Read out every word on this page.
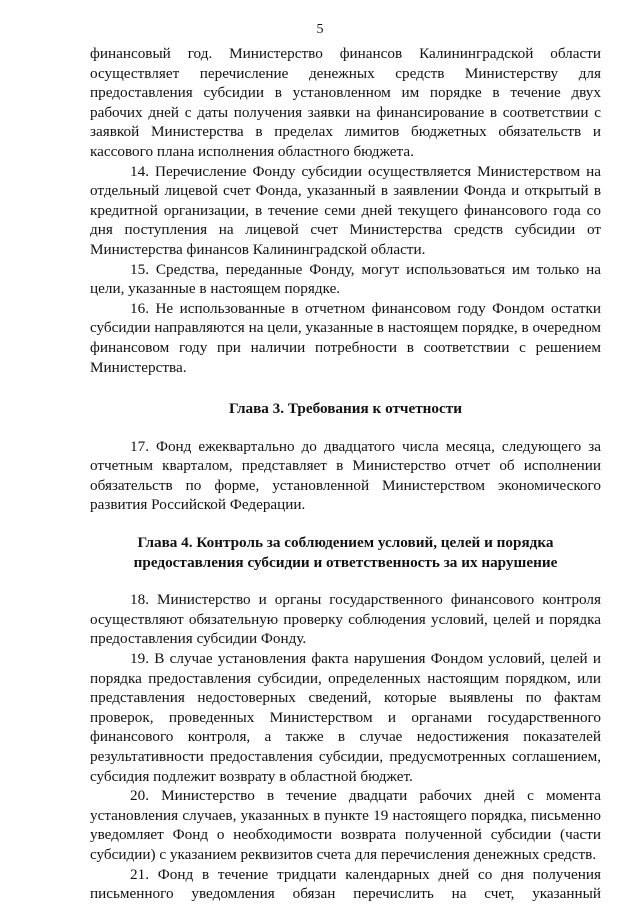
5

финансовый год. Министерство финансов Калининградской области осуществляет перечисление денежных средств Министерству для предоставления субсидии в установленном им порядке в течение двух рабочих дней с даты получения заявки на финансирование в соответствии с заявкой Министерства в пределах лимитов бюджетных обязательств и кассового плана исполнения областного бюджета.

14. Перечисление Фонду субсидии осуществляется Министерством на отдельный лицевой счет Фонда, указанный в заявлении Фонда и открытый в кредитной организации, в течение семи дней текущего финансового года со дня поступления на лицевой счет Министерства средств субсидии от Министерства финансов Калининградской области.

15. Средства, переданные Фонду, могут использоваться им только на цели, указанные в настоящем порядке.

16. Не использованные в отчетном финансовом году Фондом остатки субсидии направляются на цели, указанные в настоящем порядке, в очередном финансовом году при наличии потребности в соответствии с решением Министерства.

Глава 3. Требования к отчетности

17. Фонд ежеквартально до двадцатого числа месяца, следующего за отчетным кварталом, представляет в Министерство отчет об исполнении обязательств по форме, установленной Министерством экономического развития Российской Федерации.

Глава 4. Контроль за соблюдением условий, целей и порядка
предоставления субсидии и ответственность за их нарушение

18. Министерство и органы государственного финансового контроля осуществляют обязательную проверку соблюдения условий, целей и порядка предоставления субсидии Фонду.

19. В случае установления факта нарушения Фондом условий, целей и порядка предоставления субсидии, определенных настоящим порядком, или представления недостоверных сведений, которые выявлены по фактам проверок, проведенных Министерством и органами государственного финансового контроля, а также в случае недостижения показателей результативности предоставления субсидии, предусмотренных соглашением, субсидия подлежит возврату в областной бюджет.

20. Министерство в течение двадцати рабочих дней с момента установления случаев, указанных в пункте 19 настоящего порядка, письменно уведомляет Фонд о необходимости возврата полученной субсидии (части субсидии) с указанием реквизитов счета для перечисления денежных средств.

21. Фонд в течение тридцати календарных дней со дня получения письменного уведомления обязан перечислить на счет, указанный
